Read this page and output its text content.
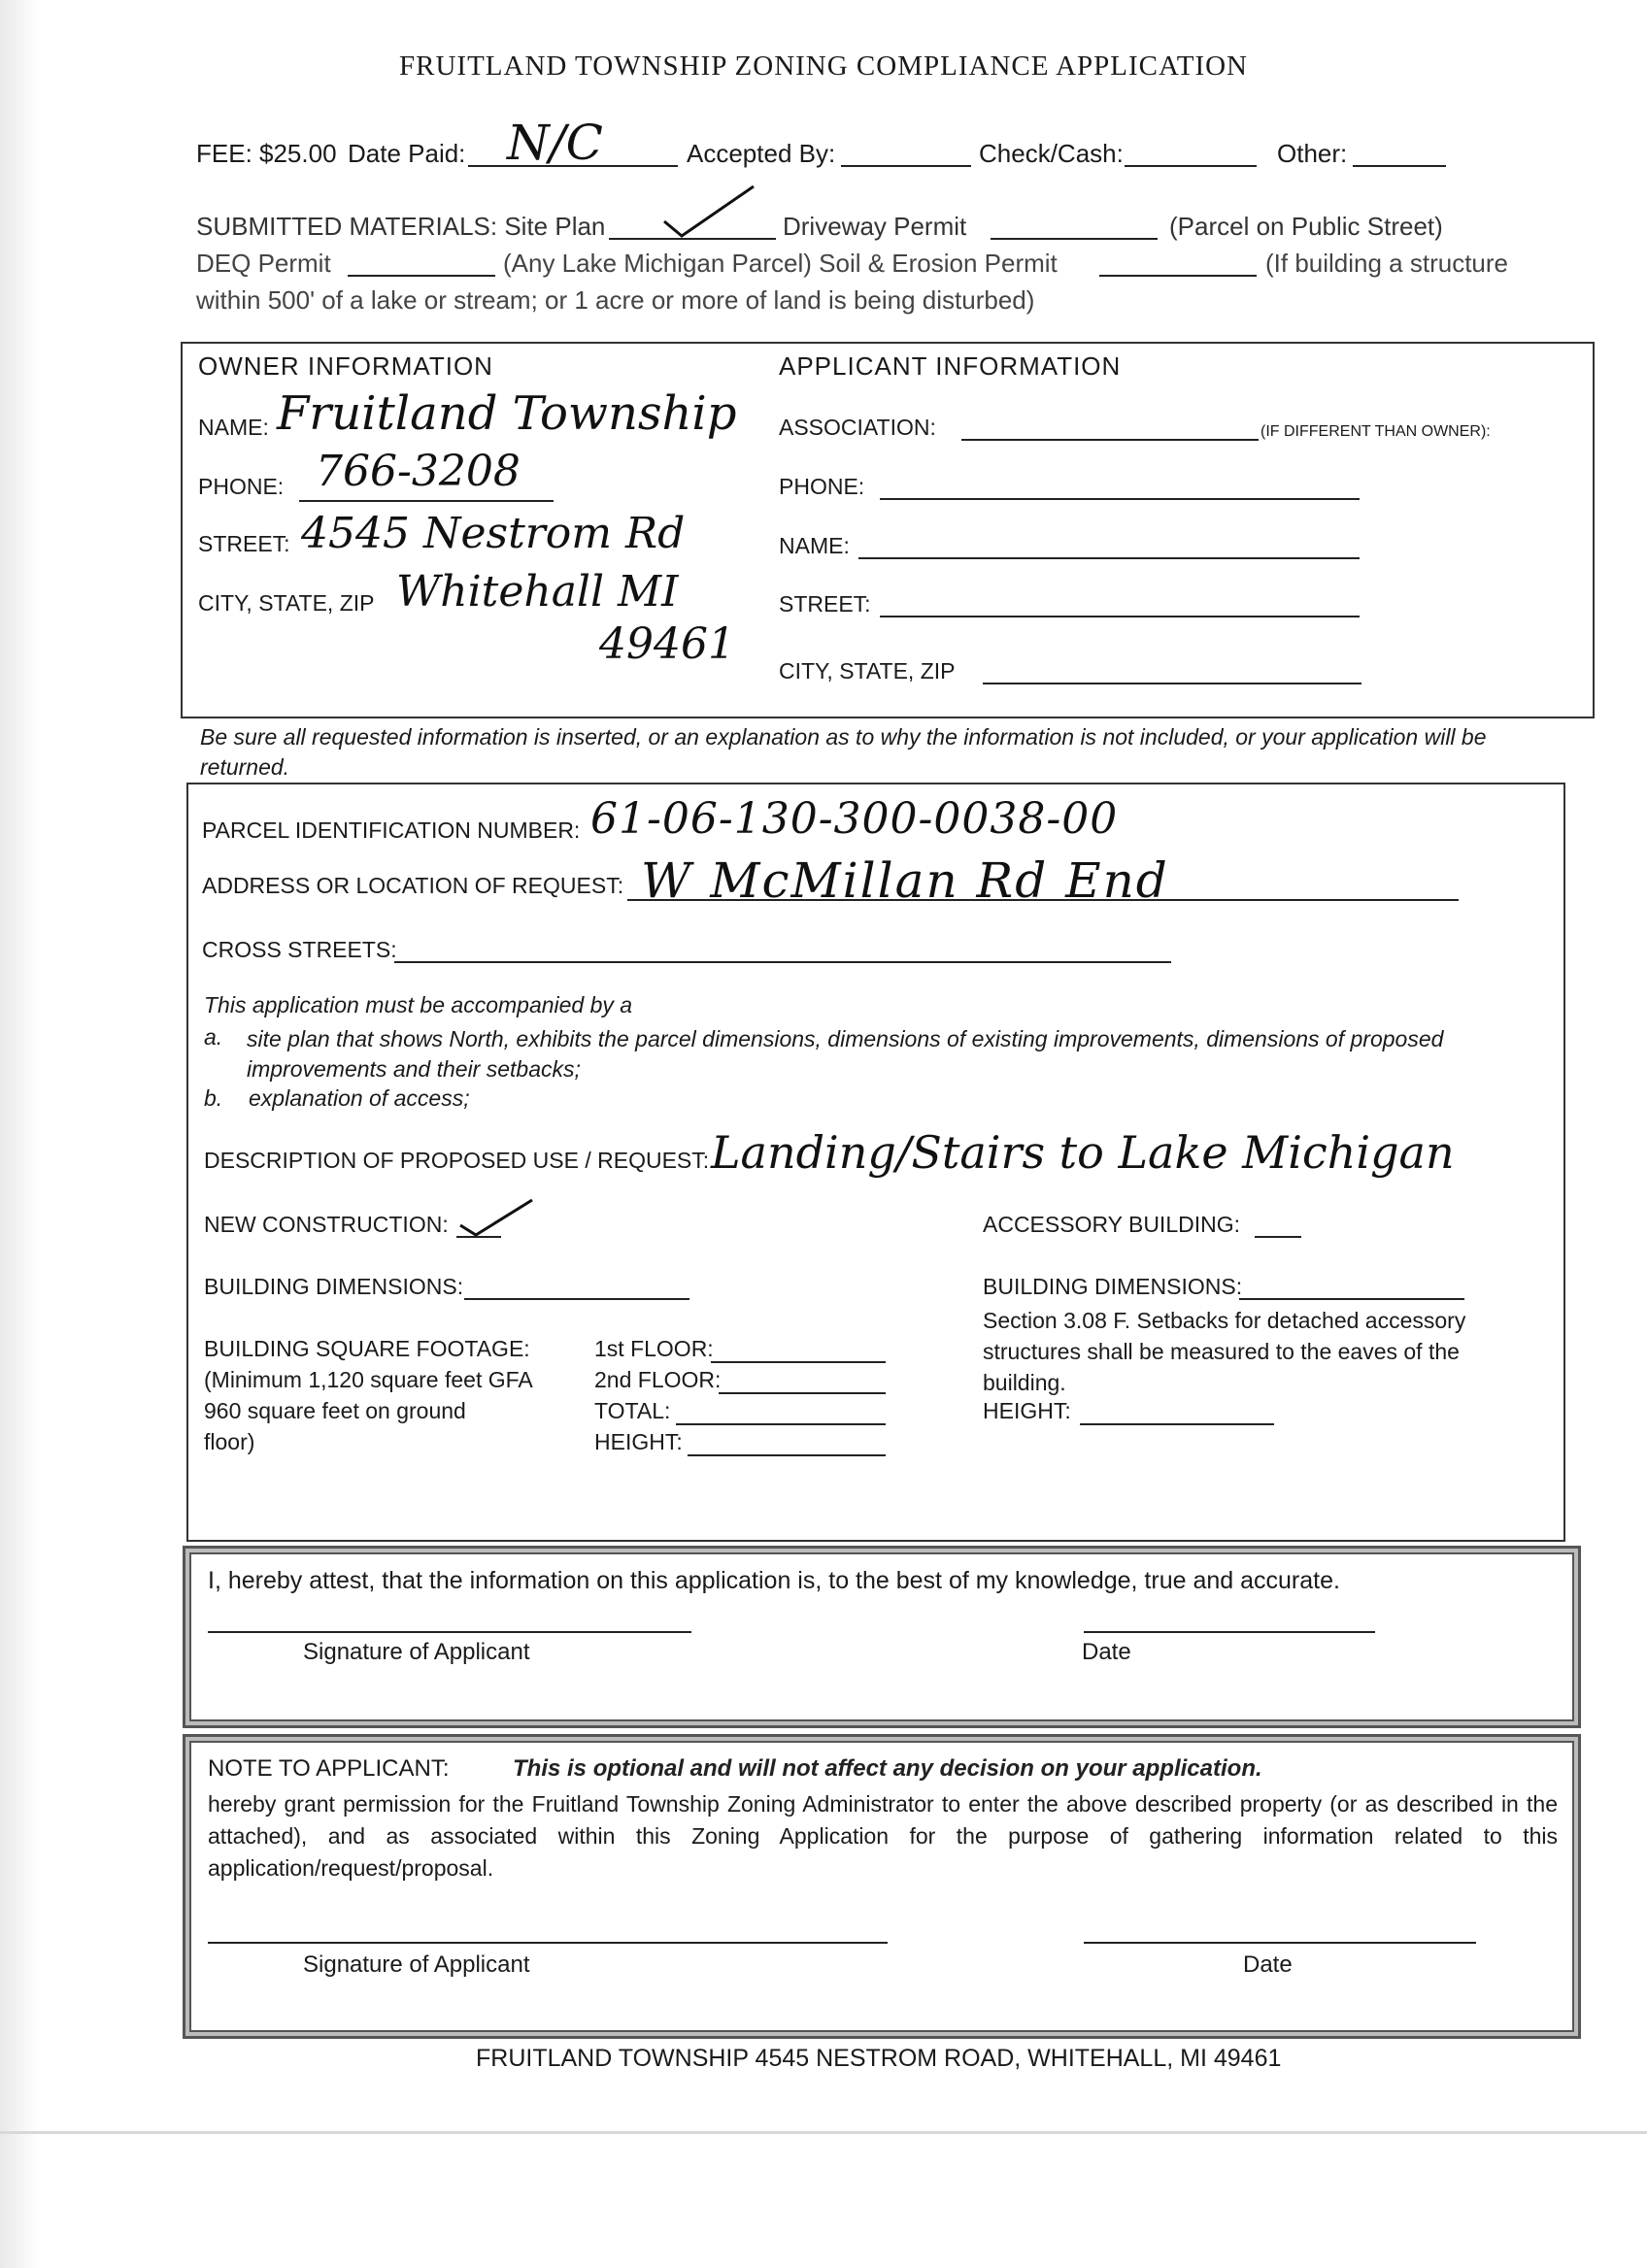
FRUITLAND TOWNSHIP ZONING COMPLIANCE APPLICATION
FEE: $25.00 Date Paid: N/C	Accepted By:	Check/Cash:	Other:
SUBMITTED MATERIALS: Site Plan	Driveway Permit	(Parcel on Public Street)
DEQ Permit	(Any Lake Michigan Parcel) Soil & Erosion Permit	(If building a structure
within 500' of a lake or stream; or 1 acre or more of land is being disturbed)
OWNER INFORMATION
NAME: Fruitland Township
PHONE: 766-3208
STREET: 4545 Nestrom Rd
CITY, STATE, ZIP Whitehall MI
49461
APPLICANT INFORMATION
ASSOCIATION:	(IF DIFFERENT THAN OWNER):
PHONE:
NAME:
STREET:
CITY, STATE, ZIP
Be sure all requested information is inserted, or an explanation as to why the information is not included, or your application will be returned.
PARCEL IDENTIFICATION NUMBER: 61-06-130-300-0038-00
ADDRESS OR LOCATION OF REQUEST: W McMillan Rd End
CROSS STREETS:
This application must be accompanied by a
a. site plan that shows North, exhibits the parcel dimensions, dimensions of existing improvements, dimensions of proposed improvements and their setbacks;
b. explanation of access;
DESCRIPTION OF PROPOSED USE / REQUEST: Landing/Stairs to Lake Michigan
NEW CONSTRUCTION:	ACCESSORY BUILDING:
BUILDING DIMENSIONS:	BUILDING DIMENSIONS:
BUILDING SQUARE FOOTAGE:
(Minimum 1,120 square feet GFA
960 square feet on ground
floor)
1st FLOOR:
2nd FLOOR:
TOTAL:
HEIGHT:
Section 3.08 F. Setbacks for detached accessory structures shall be measured to the eaves of the building.
HEIGHT:
I, hereby attest, that the information on this application is, to the best of my knowledge, true and accurate.
Signature of Applicant	Date
NOTE TO APPLICANT:	This is optional and will not affect any decision on your application.
hereby grant permission for the Fruitland Township Zoning Administrator to enter the above described property (or as described in the attached), and as associated within this Zoning Application for the purpose of gathering information related to this application/request/proposal.
Signature of Applicant	Date
FRUITLAND TOWNSHIP 4545 NESTROM ROAD, WHITEHALL, MI 49461
